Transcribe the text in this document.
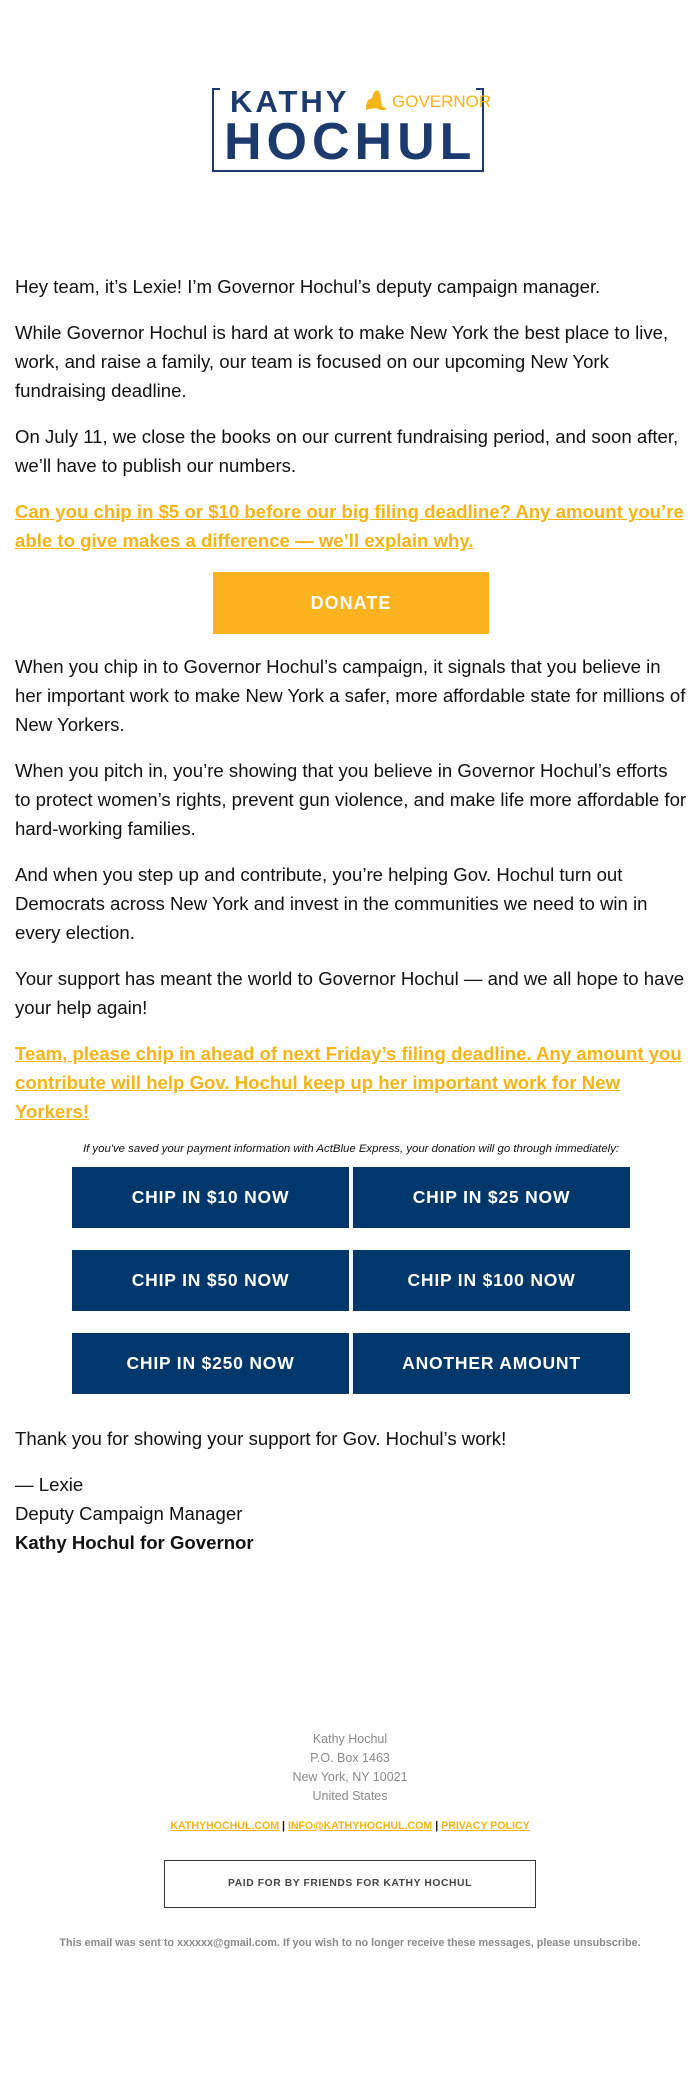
KATHY	GOVERNOR
HOCHUL

Hey team, it’s Lexie! I’m Governor Hochul’s deputy campaign manager.

While Governor Hochul is hard at work to make New York the best place to live, work, and raise a family, our team is focused on our upcoming New York fundraising deadline.

On July 11, we close the books on our current fundraising period, and soon after, we’ll have to publish our numbers.

Can you chip in $5 or $10 before our big filing deadline? Any amount you’re able to give makes a difference — we’ll explain why.
DONATE

When you chip in to Governor Hochul’s campaign, it signals that you believe in her important work to make New York a safer, more affordable state for millions of New Yorkers.

When you pitch in, you’re showing that you believe in Governor Hochul’s efforts to protect women’s rights, prevent gun violence, and make life more affordable for hard-working families.

And when you step up and contribute, you’re helping Gov. Hochul turn out Democrats across New York and invest in the communities we need to win in every election.

Your support has meant the world to Governor Hochul — and we all hope to have your help again!

Team, please chip in ahead of next Friday’s filing deadline. Any amount you contribute will help Gov. Hochul keep up her important work for New Yorkers!
If you've saved your payment information with ActBlue Express, your donation will go through immediately:
CHIP IN $10 NOW	CHIP IN $25 NOW
CHIP IN $50 NOW	CHIP IN $100 NOW
CHIP IN $250 NOW	ANOTHER AMOUNT

Thank you for showing your support for Gov. Hochul’s work!

— Lexie

Deputy Campaign Manager

Kathy Hochul for Governor

Kathy Hochul
P.O. Box 1463
New York, NY 10021
United States
KATHYHOCHUL.COM | INFO@KATHYHOCHUL.COM | PRIVACY POLICY
PAID FOR BY FRIENDS FOR KATHY HOCHUL
This email was sent to xxxxxx@gmail.com. If you wish to no longer receive these messages, please unsubscribe.
